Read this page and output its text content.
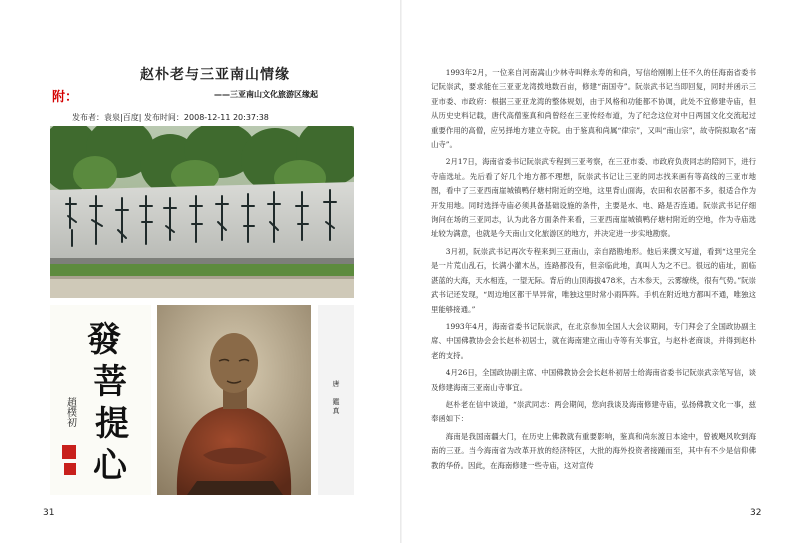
赵朴老与三亚南山情缘
附：	——三亚南山文化旅游区缘起
发布者：袁泉|百度| 发布时间：2008-12-11 20:37:38
發
菩
提
心
趙樸初
唐
鑑
真
31

1993年2月，一位来自河南嵩山少林寺叫释永寿的和尚，写信给刚刚上任不久的任海南省委书记阮崇武，要求能在三亚亚龙湾拨地数百亩，修建“南国寺”。阮崇武书记当即回复，同时并函示三亚市委、市政府：根据三亚亚龙湾的整体规划，由于风格和功能都不协调，此处不宜修建寺庙，但从历史史料记载，唐代高僧鉴真和尚曾经在三亚传经布道，为了纪念这位对中日两国文化交流起过重要作用的高僧，应另择地方建立寺院。由于鉴真和尚属“律宗”，又叫“南山宗”，故寺院拟取名“南山寺”。

2月17日，海南省委书记阮崇武专程到三亚考察，在三亚市委、市政府负责同志的陪同下，进行寺庙选址。先后看了好几个地方都不理想，阮崇武书记让三亚的同志找来画有等高线的三亚市地图，看中了三亚西南崖城镇鸭仔塘村附近的空地，这里背山面海，农田和农居都不多，很适合作为开发用地。同时选择寺庙必须具备基础设施的条件，主要是水、电、路是否连通。阮崇武书记仔细询问在场的三亚同志，认为此各方面条件来看，三亚西南崖城镇鸭仔塘村附近的空地，作为寺庙选址较为满意，也就是今天南山文化旅游区的地方，并决定进一步实地勘察。

3月初，阮崇武书记再次专程来到三亚南山，亲自踏勘地形。他后来撰文写道，看到“这里完全是一片荒山乱石，长满小灌木丛，连路都没有，但亲临此地，真叫人为之不已。很远的庙址，面临湛蓝的大海，天水相连，一望无际。背后的山顶海拔478米，古木参天，云雾缭绕，很有气势。”阮崇武书记还发现，“周边地区都干旱异常，唯独这里时常小雨阵阵。手机在附近地方都叫不通，唯独这里能够接通。”

1993年4月，海南省委书记阮崇武，在北京参加全国人大会议期间，专门拜会了全国政协副主席、中国佛教协会会长赵朴初居士，就在海南建立南山寺等有关事宜，与赵朴老商谈，并得到赵朴老的支持。

4月26日，全国政协副主席、中国佛教协会会长赵朴初居士给海南省委书记阮崇武亲笔写信，谈及修建海南三亚南山寺事宜。

赵朴老在信中谈道，“崇武同志：两会期间，您向我谈及海南修建寺庙，弘扬佛教文化一事，兹奉函如下：

海南是我国南疆大门，在历史上佛教就有重要影响，鉴真和尚东渡日本途中，曾被飓风吹到海南的三亚。当今海南省为改革开放的经济特区，大批的海外投资者接踵而至，其中有不少是信仰佛教的华侨。因此，在海南修建一些寺庙，这对宣传

32
